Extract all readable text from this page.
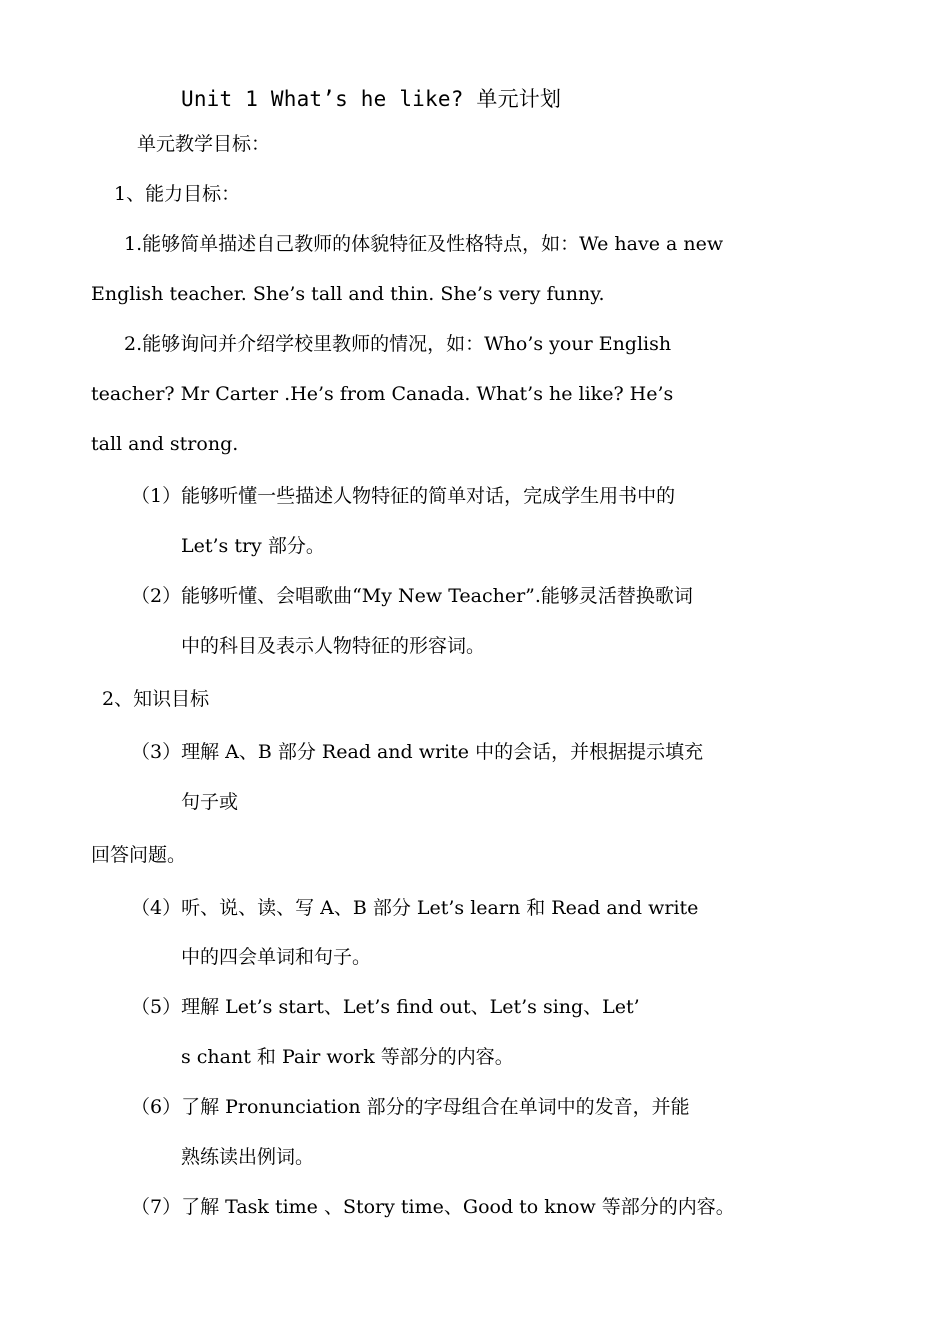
Unit 1 What’s he like? 单元计划
单元教学目标：
1、能力目标：
1.能够简单描述自己教师的体貌特征及性格特点，如：We have a new
English teacher. She’s tall and thin. She’s very funny.
2.能够询问并介绍学校里教师的情况，如：Who’s your English
teacher? Mr Carter .He’s from Canada. What’s he like? He’s
tall and strong.
（1）能够听懂一些描述人物特征的简单对话，完成学生用书中的
Let’s try 部分。
（2）能够听懂、会唱歌曲“My New Teacher”.能够灵活替换歌词
中的科目及表示人物特征的形容词。
2、知识目标
（3）理解 A、B 部分 Read and write 中的会话，并根据提示填充
句子或
回答问题。
（4）听、说、读、写 A、B 部分 Let’s learn 和 Read and write
中的四会单词和句子。
（5）理解 Let’s start、Let’s find out、Let’s sing、Let’
s chant 和 Pair work 等部分的内容。
（6）了解 Pronunciation 部分的字母组合在单词中的发音，并能
熟练读出例词。
（7）了解 Task time 、Story time、Good to know 等部分的内容。
